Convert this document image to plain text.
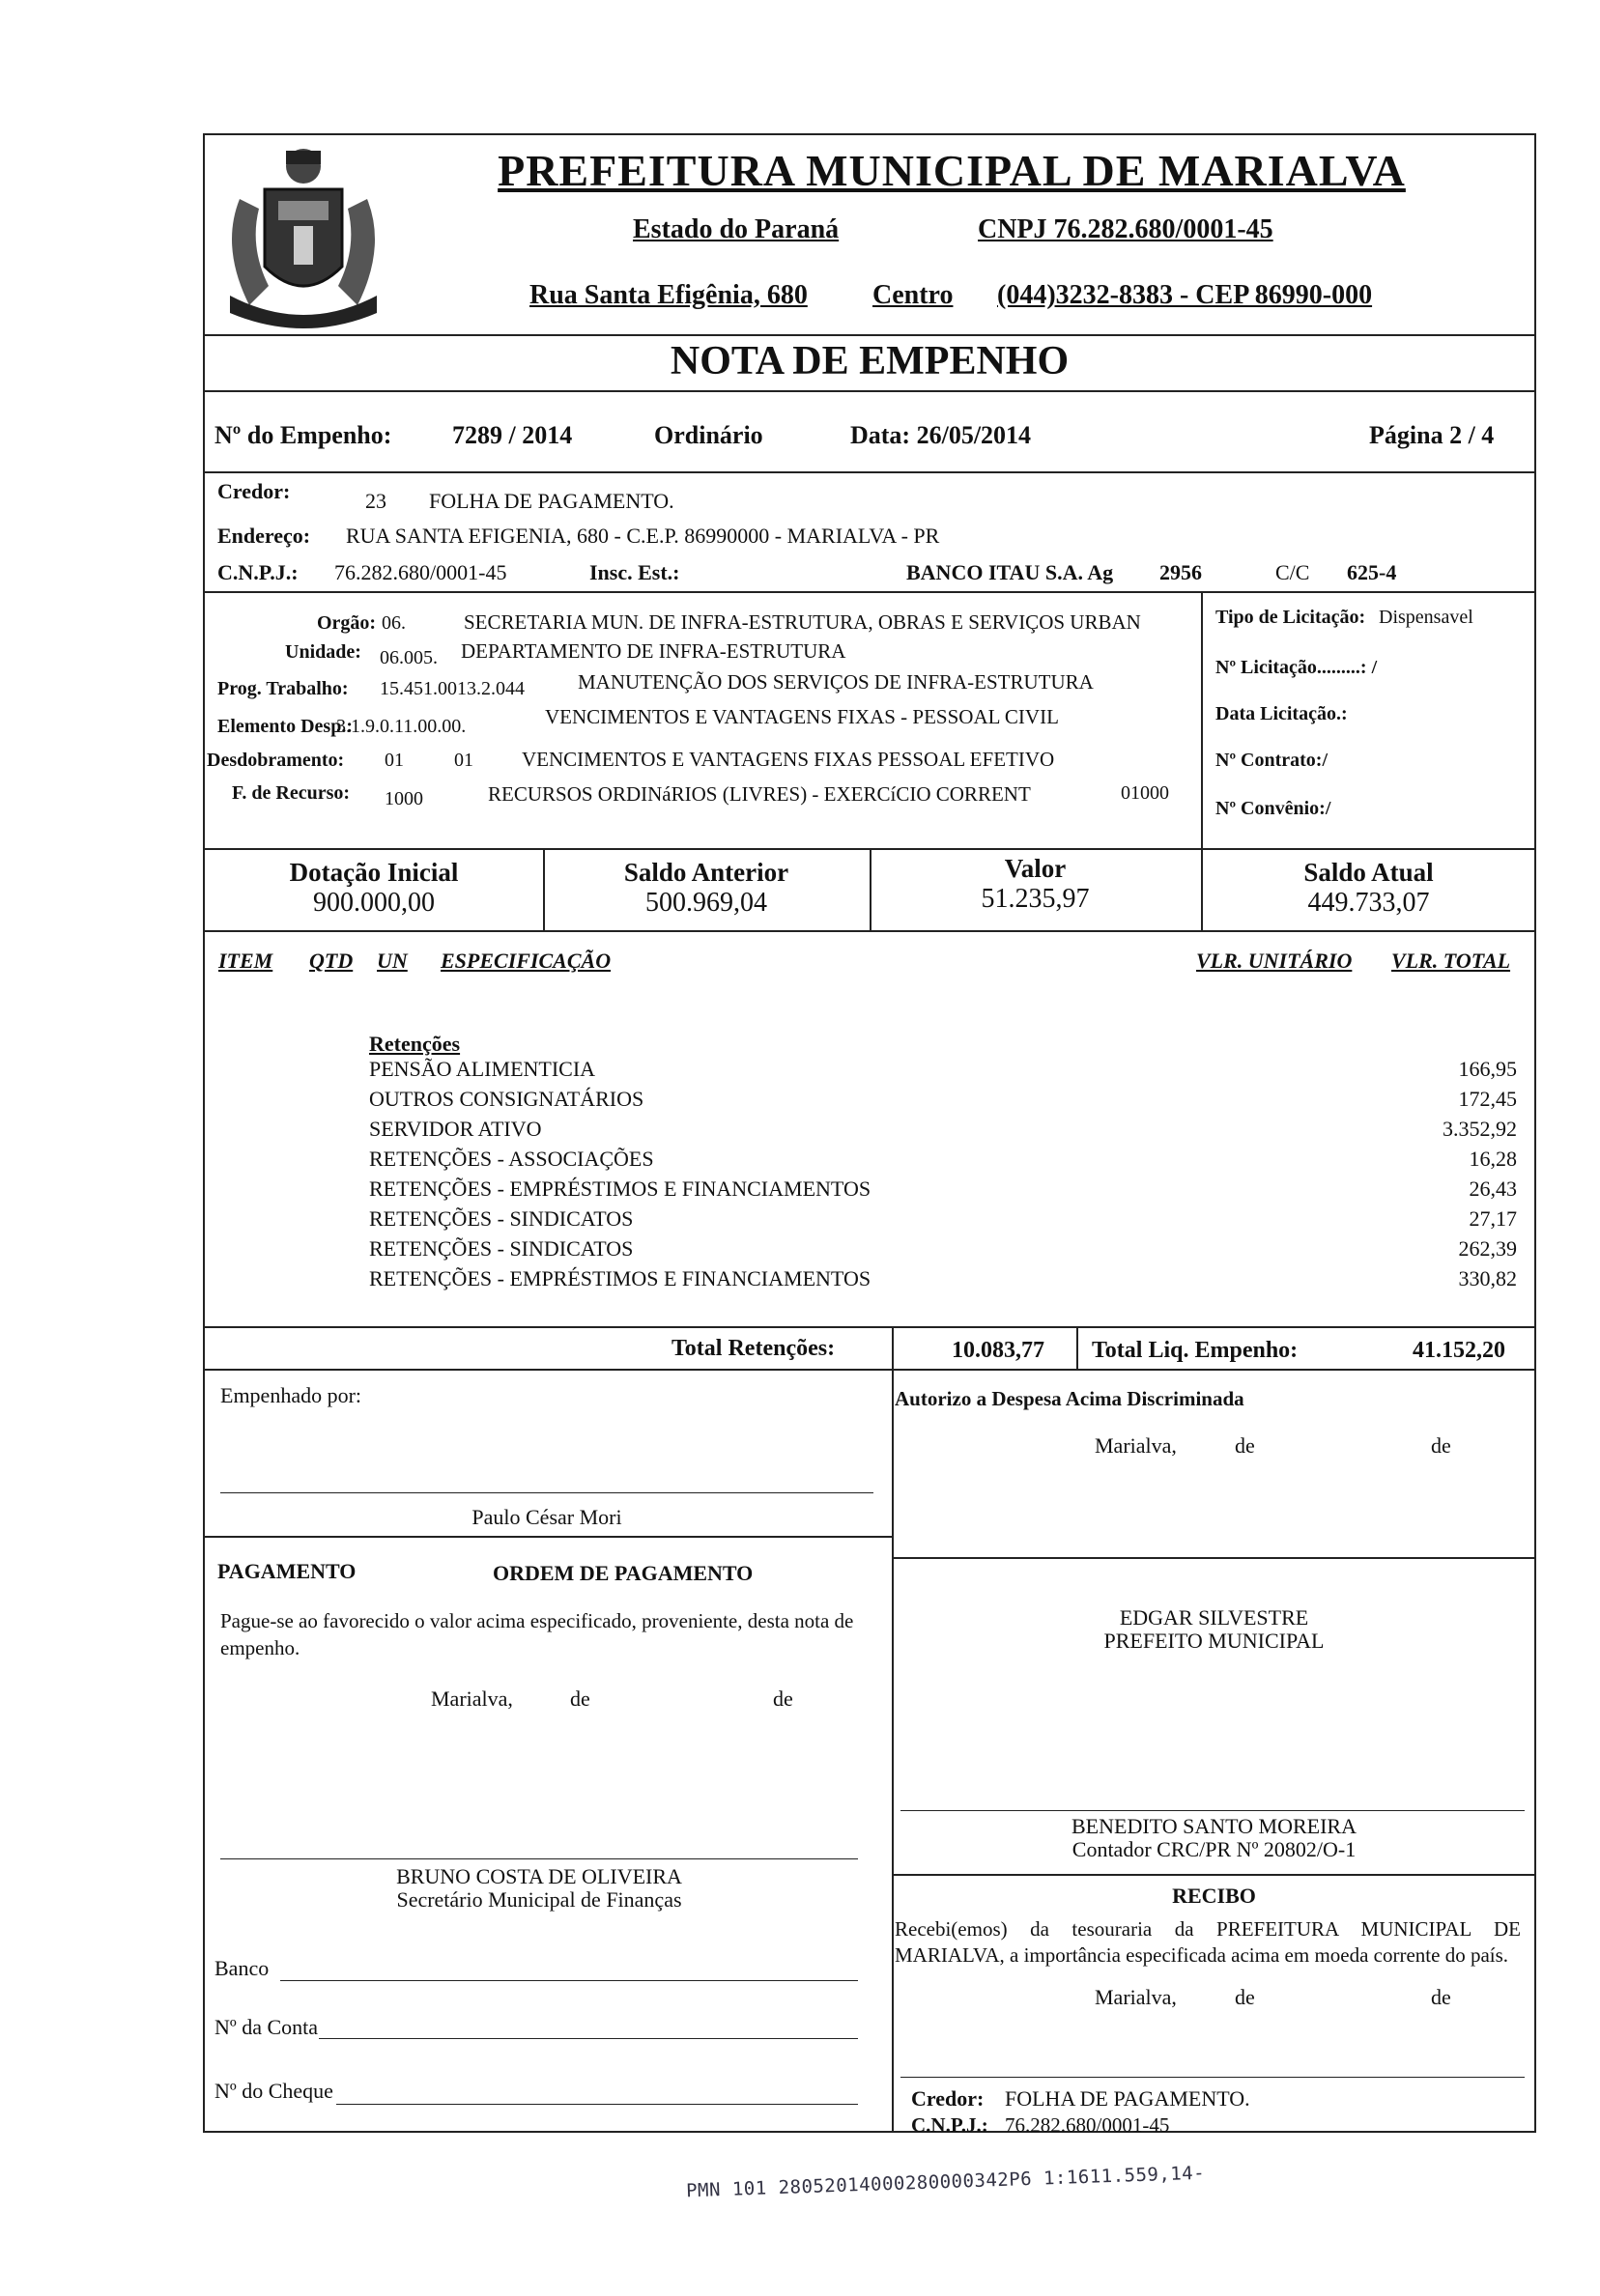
MARIALVA
PREFEITURA MUNICIPAL DE MARIALVA
Estado do Paraná	CNPJ 76.282.680/0001-45
Rua Santa Efigênia, 680 Centro (044)3232-8383 - CEP 86990-000
NOTA DE EMPENHO
Nº do Empenho: 7289 / 2014	Ordinário	Data: 26/05/2014	Página 2 / 4
Credor:	23 FOLHA DE PAGAMENTO.
Endereço: RUA SANTA EFIGENIA, 680 - C.E.P. 86990000 - MARIALVA - PR
C.N.P.J.: 76.282.680/0001-45	Insc. Est.:	BANCO ITAU S.A. Ag 2956	C/C 625-4
Orgão: 06.	SECRETARIA MUN. DE INFRA-ESTRUTURA, OBRAS E SERVIÇOS URBAN
Unidade: 06.005. DEPARTAMENTO DE INFRA-ESTRUTURA
Prog. Trabalho: 15.451.0013.2.044	MANUTENÇÃO DOS SERVIÇOS DE INFRA-ESTRUTURA
Elemento Desp.:
3.1.9.0.11.00.00.	VENCIMENTOS E VANTAGENS FIXAS - PESSOAL CIVIL
Desdobramento: 01	01 VENCIMENTOS E VANTAGENS FIXAS PESSOAL EFETIVO
F. de Recurso: 1000	RECURSOS ORDINáRIOS (LIVRES) - EXERCíCIO CORRENT	01000
Tipo de Licitação: Dispensavel
Nº Licitação.........: /
Data Licitação.:
Nº Contrato:/
Nº Convênio:/
Dotação Inicial
900.000,00
Saldo Anterior
500.969,04
Valor
51.235,97
Saldo Atual
449.733,07
ITEM QTD UN ESPECIFICAÇÃO	VLR. UNITÁRIO VLR. TOTAL
Retenções
PENSÃO ALIMENTICIA	166,95
OUTROS CONSIGNATÁRIOS	172,45
SERVIDOR ATIVO	3.352,92
RETENÇÕES - ASSOCIAÇÕES	16,28
RETENÇÕES - EMPRÉSTIMOS E FINANCIAMENTOS	26,43
RETENÇÕES - SINDICATOS	27,17
RETENÇÕES - SINDICATOS	262,39
RETENÇÕES - EMPRÉSTIMOS E FINANCIAMENTOS	330,82
Total Retenções:	10.083,77 Total Liq. Empenho:	41.152,20
Empenhado por:
Paulo César Mori
Autorizo a Despesa Acima Discriminada
Marialva,	de	de
PAGAMENTO	ORDEM DE PAGAMENTO
Pague-se ao favorecido o valor acima especificado, proveniente, desta nota de empenho.
Marialva,	de	de
EDGAR SILVESTRE
PREFEITO MUNICIPAL
BENEDITO SANTO MOREIRA
Contador CRC/PR Nº 20802/O-1
BRUNO COSTA DE OLIVEIRA
Secretário Municipal de Finanças	RECIBO
Recebi(emos) da tesouraria da PREFEITURA MUNICIPAL DE MARIALVA, a importância especificada acima em moeda corrente do país.
Marialva,	de	de
Banco
Nº da Conta
Nº do Cheque	Credor: FOLHA DE PAGAMENTO.
C.N.P.J.: 76.282.680/0001-45
PMN 101 28052014000280000342P6 1:1611.559,14-
